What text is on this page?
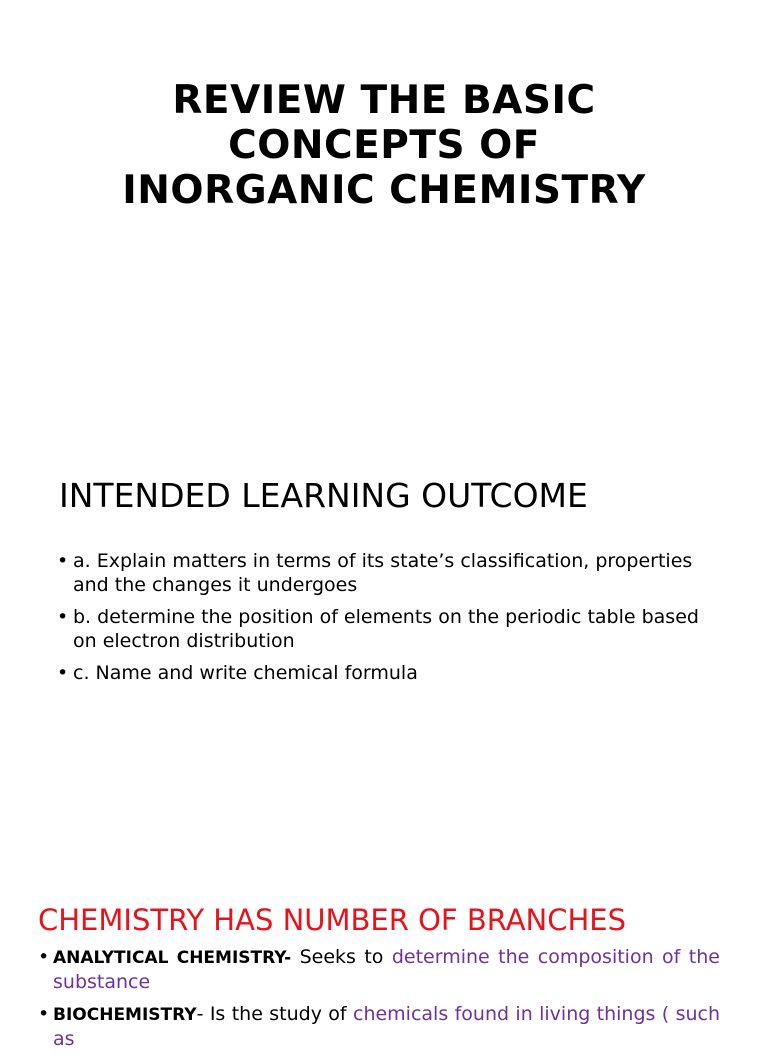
REVIEW THE BASIC
CONCEPTS OF
INORGANIC CHEMISTRY
INTENDED LEARNING OUTCOME
• a. Explain matters in terms of its state’s classification, properties and the changes it undergoes
• b. determine the position of elements on the periodic table based on electron distribution
• c. Name and write chemical formula
CHEMISTRY HAS NUMBER OF BRANCHES
• ANALYTICAL CHEMISTRY- Seeks to determine the composition of the substance
• BIOCHEMISTRY- Is the study of chemicals found in living things ( such as
